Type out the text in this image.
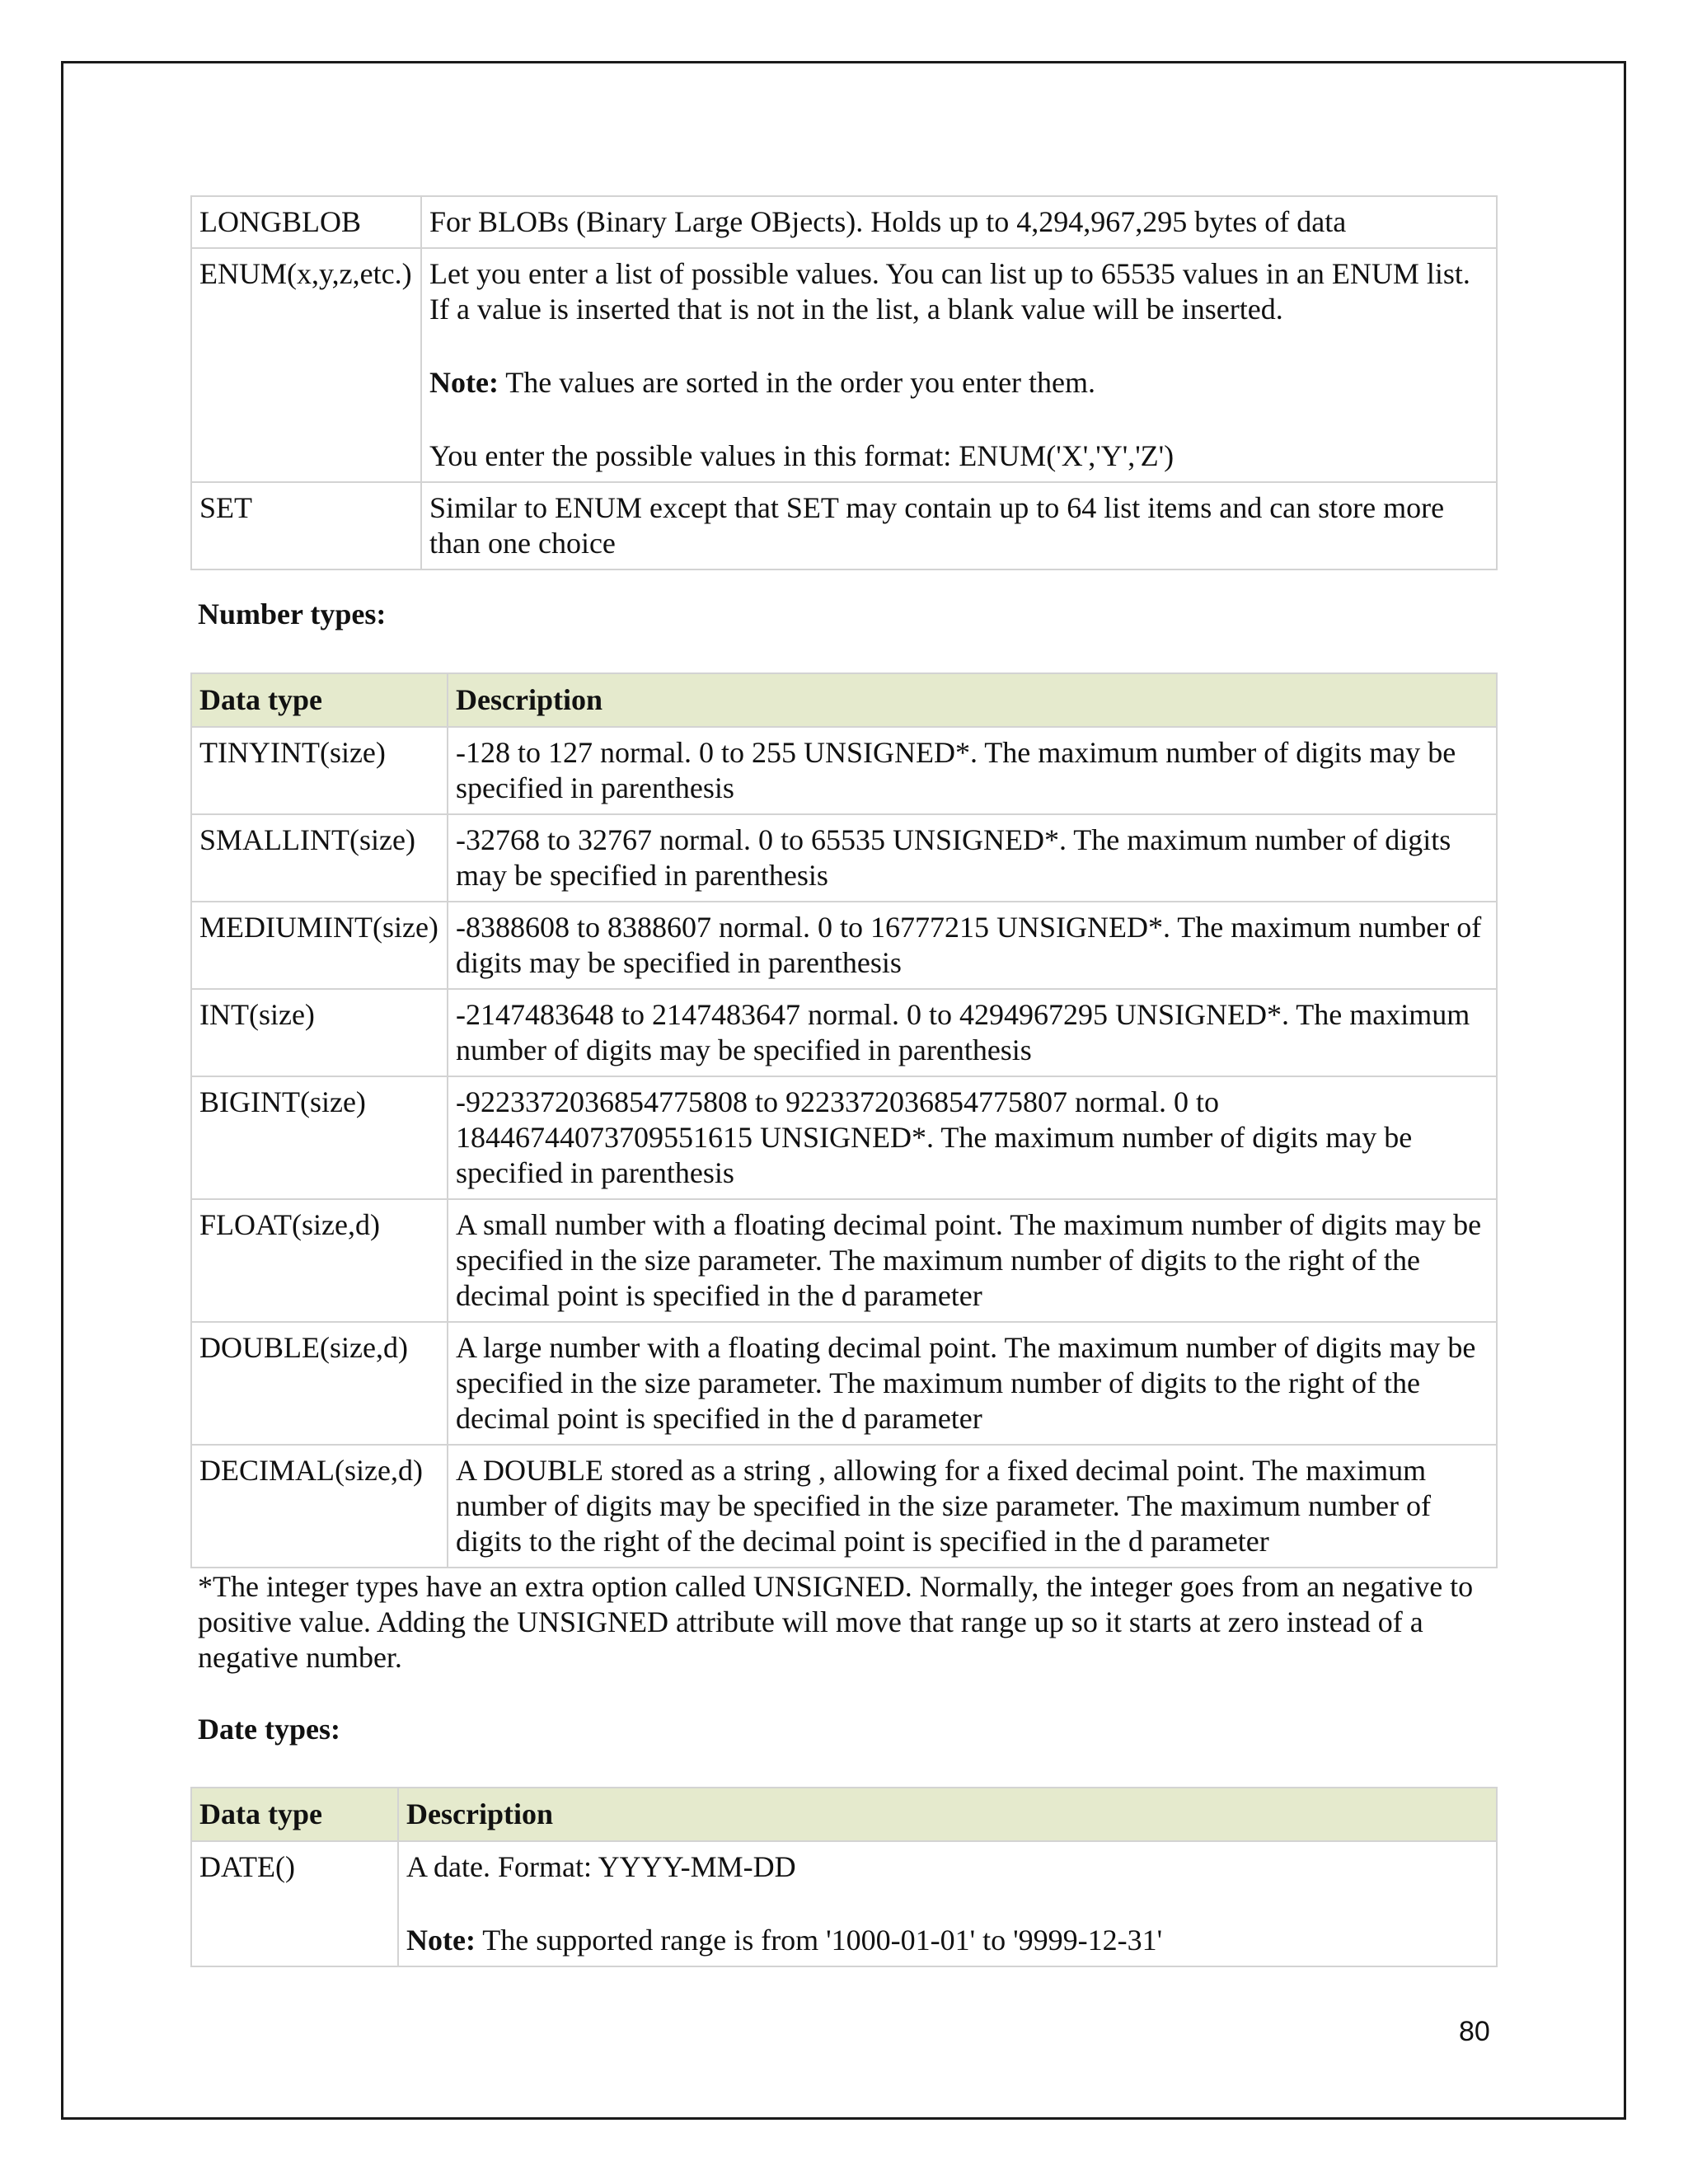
LONGBLOB	For BLOBs (Binary Large OBjects). Holds up to 4,294,967,295 bytes of data
ENUM(x,y,z,etc.)	Let you enter a list of possible values. You can list up to 65535 values in an ENUM list. If a value is inserted that is not in the list, a blank value will be inserted.

Note: The values are sorted in the order you enter them.

You enter the possible values in this format: ENUM('X','Y','Z')

SET	Similar to ENUM except that SET may contain up to 64 list items and can store more than one choice

Number types:

Data type	Description
TINYINT(size)	-128 to 127 normal. 0 to 255 UNSIGNED*. The maximum number of digits may be specified in parenthesis
SMALLINT(size)	-32768 to 32767 normal. 0 to 65535 UNSIGNED*. The maximum number of digits may be specified in parenthesis
MEDIUMINT(size)	-8388608 to 8388607 normal. 0 to 16777215 UNSIGNED*. The maximum number of digits may be specified in parenthesis
INT(size)	-2147483648 to 2147483647 normal. 0 to 4294967295 UNSIGNED*. The maximum number of digits may be specified in parenthesis
BIGINT(size)	-9223372036854775808 to 9223372036854775807 normal. 0 to 18446744073709551615 UNSIGNED*. The maximum number of digits may be specified in parenthesis
FLOAT(size,d)	A small number with a floating decimal point. The maximum number of digits may be specified in the size parameter. The maximum number of digits to the right of the decimal point is specified in the d parameter
DOUBLE(size,d)	A large number with a floating decimal point. The maximum number of digits may be specified in the size parameter. The maximum number of digits to the right of the decimal point is specified in the d parameter
DECIMAL(size,d)	A DOUBLE stored as a string , allowing for a fixed decimal point. The maximum number of digits may be specified in the size parameter. The maximum number of digits to the right of the decimal point is specified in the d parameter

*The integer types have an extra option called UNSIGNED. Normally, the integer goes from an negative to positive value. Adding the UNSIGNED attribute will move that range up so it starts at zero instead of a negative number.

Date types:

Data type	Description
DATE()	A date. Format: YYYY-MM-DD

Note: The supported range is from '1000-01-01' to '9999-12-31'

80
